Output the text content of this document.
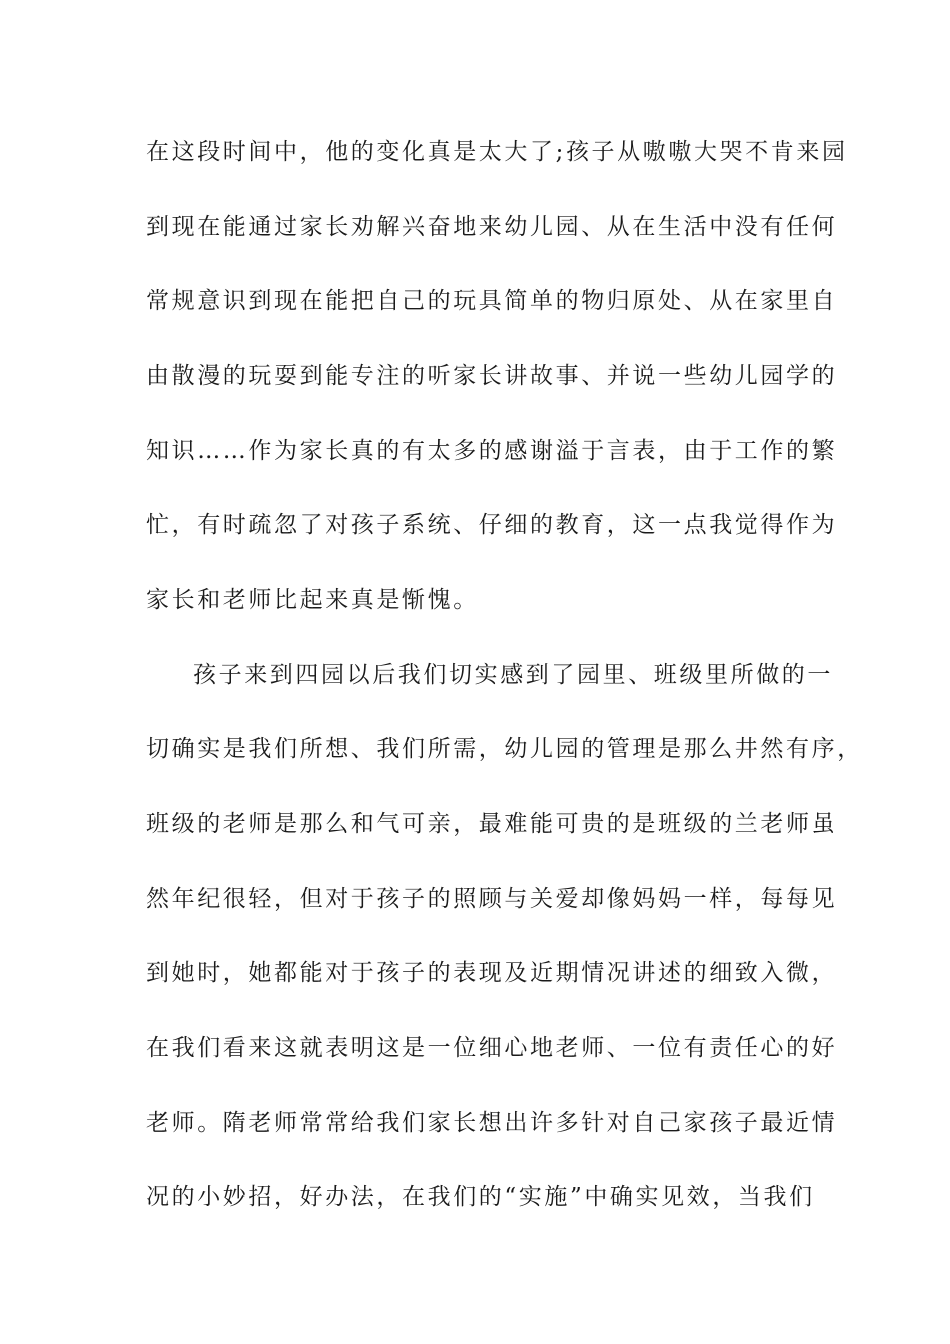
在这段时间中，他的变化真是太大了;孩子从嗷嗷大哭不肯来园
到现在能通过家长劝解兴奋地来幼儿园、从在生活中没有任何
常规意识到现在能把自己的玩具简单的物归原处、从在家里自
由散漫的玩耍到能专注的听家长讲故事、并说一些幼儿园学的
知识……作为家长真的有太多的感谢溢于言表，由于工作的繁
忙，有时疏忽了对孩子系统、仔细的教育，这一点我觉得作为
家长和老师比起来真是惭愧。
孩子来到四园以后我们切实感到了园里、班级里所做的一
切确实是我们所想、我们所需，幼儿园的管理是那么井然有序，
班级的老师是那么和气可亲，最难能可贵的是班级的兰老师虽
然年纪很轻，但对于孩子的照顾与关爱却像妈妈一样，每每见
到她时，她都能对于孩子的表现及近期情况讲述的细致入微，
在我们看来这就表明这是一位细心地老师、一位有责任心的好
老师。隋老师常常给我们家长想出许多针对自己家孩子最近情
况的小妙招，好办法，在我们的“实施”中确实见效，当我们
